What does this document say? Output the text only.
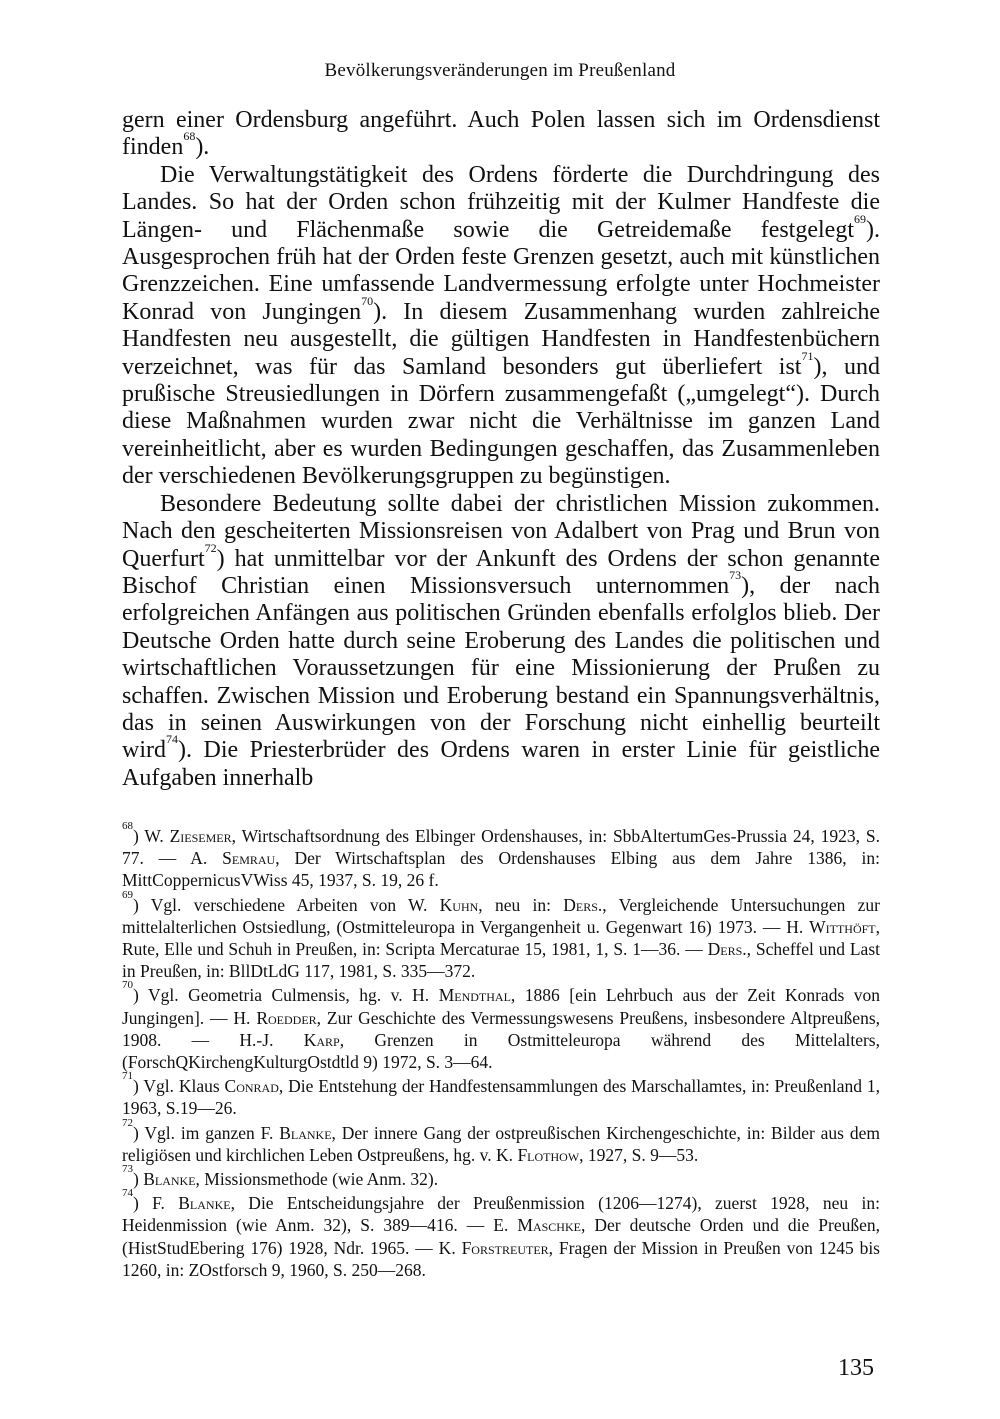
Bevölkerungsveränderungen im Preußenland

gern einer Ordensburg angeführt. Auch Polen lassen sich im Ordensdienst finden$^{68}$).

Die Verwaltungstätigkeit des Ordens förderte die Durchdringung des Landes. So hat der Orden schon frühzeitig mit der Kulmer Handfeste die Längen- und Flächenmaße sowie die Getreidemaße festgelegt$^{69}$). Ausgesprochen früh hat der Orden feste Grenzen gesetzt, auch mit künstlichen Grenzzeichen. Eine umfassende Landvermessung erfolgte unter Hochmeister Konrad von Jungingen$^{70}$). In diesem Zusammenhang wurden zahlreiche Handfesten neu ausgestellt, die gültigen Handfesten in Handfestenbüchern verzeichnet, was für das Samland besonders gut überliefert ist$^{71}$), und prußische Streusiedlungen in Dörfern zusammengefaßt („umgelegt“). Durch diese Maßnahmen wurden zwar nicht die Verhältnisse im ganzen Land vereinheitlicht, aber es wurden Bedingungen geschaffen, das Zusammenleben der verschiedenen Bevölkerungsgruppen zu begünstigen.

Besondere Bedeutung sollte dabei der christlichen Mission zukommen. Nach den gescheiterten Missionsreisen von Adalbert von Prag und Brun von Querfurt$^{72}$) hat unmittelbar vor der Ankunft des Ordens der schon genannte Bischof Christian einen Missionsversuch unternommen$^{73}$), der nach erfolgreichen Anfängen aus politischen Gründen ebenfalls erfolglos blieb. Der Deutsche Orden hatte durch seine Eroberung des Landes die politischen und wirtschaftlichen Voraussetzungen für eine Missionierung der Prußen zu schaffen. Zwischen Mission und Eroberung bestand ein Spannungsverhältnis, das in seinen Auswirkungen von der Forschung nicht einhellig beurteilt wird$^{74}$). Die Priesterbrüder des Ordens waren in erster Linie für geistliche Aufgaben innerhalb

$^{68}$) W. Ziesemer, Wirtschaftsordnung des Elbinger Ordenshauses, in: SbbAltertumGes-Prussia 24, 1923, S. 77. — A. Semrau, Der Wirtschaftsplan des Ordenshauses Elbing aus dem Jahre 1386, in: MittCoppernicusVWiss 45, 1937, S. 19, 26 f.

$^{69}$) Vgl. verschiedene Arbeiten von W. Kuhn, neu in: Ders., Vergleichende Untersuchungen zur mittelalterlichen Ostsiedlung, (Ostmitteleuropa in Vergangenheit u. Gegenwart 16) 1973. — H. Witthöft, Rute, Elle und Schuh in Preußen, in: Scripta Mercaturae 15, 1981, 1, S. 1—36. — Ders., Scheffel und Last in Preußen, in: BllDtLdG 117, 1981, S. 335—372.

$^{70}$) Vgl. Geometria Culmensis, hg. v. H. Mendthal, 1886 [ein Lehrbuch aus der Zeit Konrads von Jungingen]. — H. Roedder, Zur Geschichte des Vermessungswesens Preußens, insbesondere Altpreußens, 1908. — H.-J. Karp, Grenzen in Ostmitteleuropa während des Mittelalters, (ForschQKirchengKulturgOstdtld 9) 1972, S. 3—64.

$^{71}$) Vgl. Klaus Conrad, Die Entstehung der Handfestensammlungen des Marschallamtes, in: Preußenland 1, 1963, S.19—26.

$^{72}$) Vgl. im ganzen F. Blanke, Der innere Gang der ostpreußischen Kirchengeschichte, in: Bilder aus dem religiösen und kirchlichen Leben Ostpreußens, hg. v. K. Flothow, 1927, S. 9—53.

$^{73}$) Blanke, Missionsmethode (wie Anm. 32).

$^{74}$) F. Blanke, Die Entscheidungsjahre der Preußenmission (1206—1274), zuerst 1928, neu in: Heidenmission (wie Anm. 32), S. 389—416. — E. Maschke, Der deutsche Orden und die Preußen, (HistStudEbering 176) 1928, Ndr. 1965. — K. Forstreuter, Fragen der Mission in Preußen von 1245 bis 1260, in: ZOstforsch 9, 1960, S. 250—268.

135
